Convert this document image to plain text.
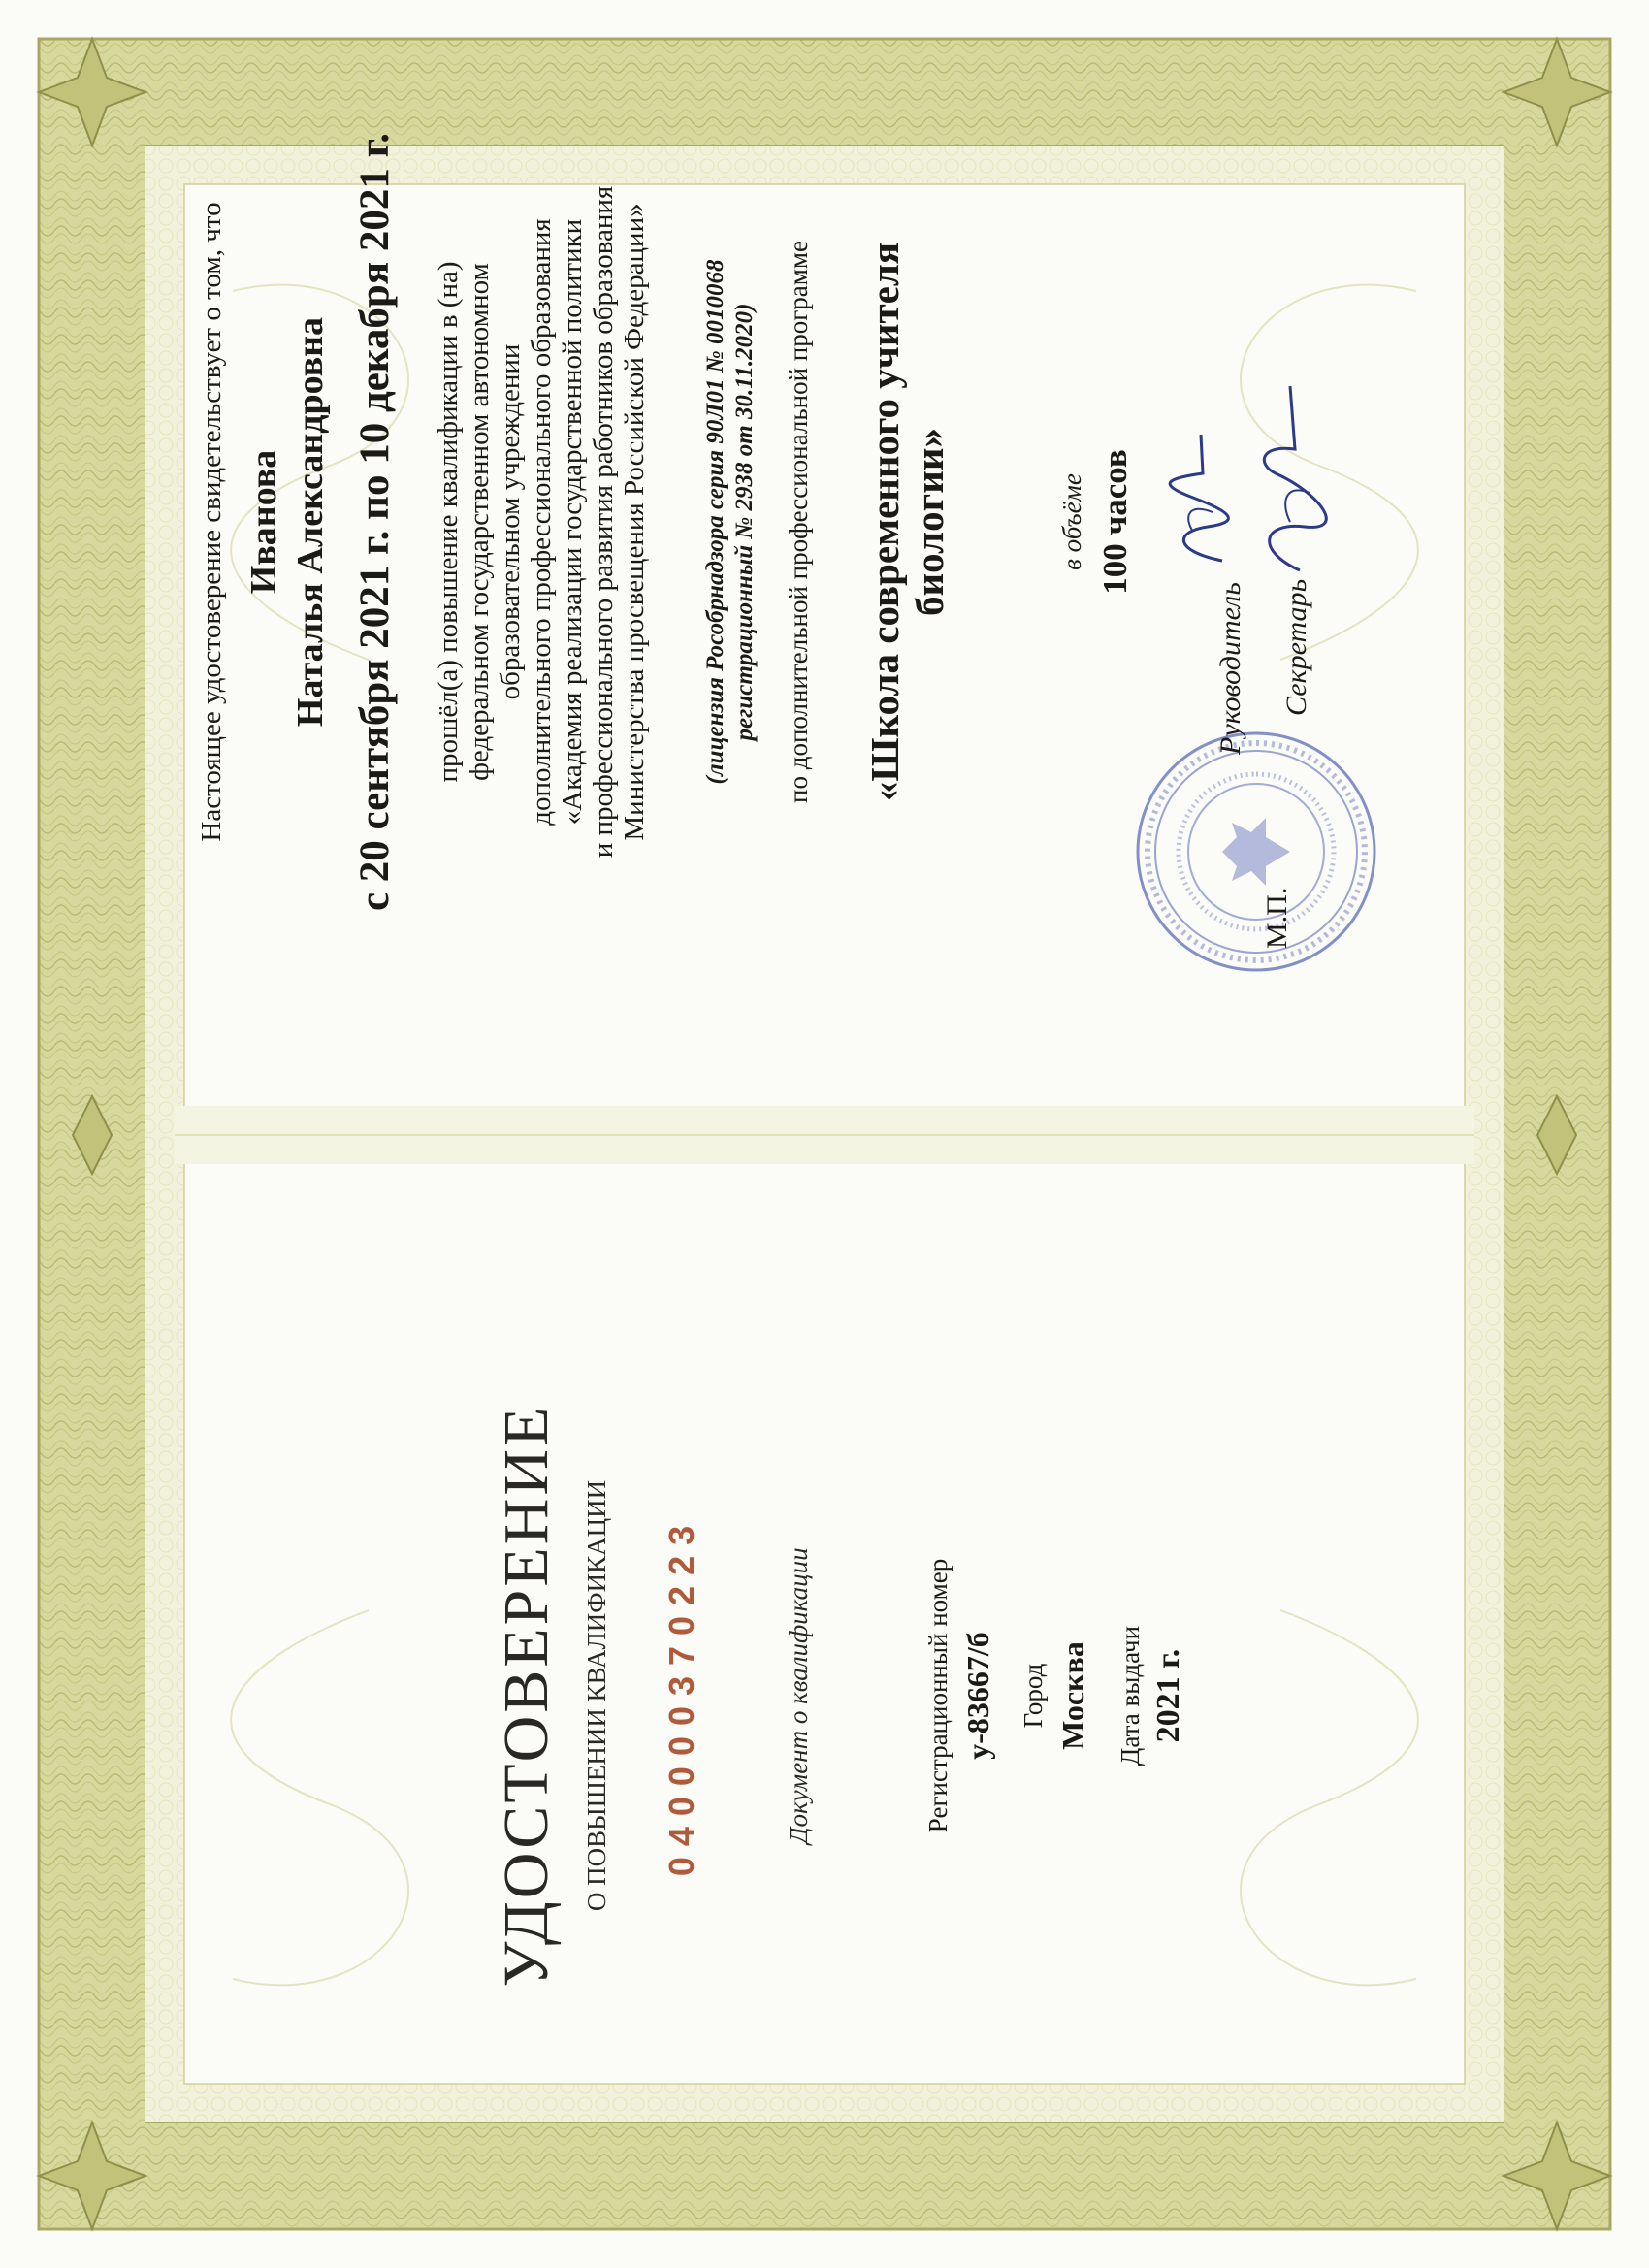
УДОСТОВЕРЕНИЕ О ПОВЫШЕНИИ КВАЛИФИКАЦИИ 040000370223	Документ о квалификации	Регистрационный номер у-83667/б Город Москва Дата выдачи 2021 г.
Настоящее удостоверение свидетельствует о том, что Иванова Наталья Александровна с 20 сентября 2021 г. по 10 декабря 2021 г. прошёл(а) повышение квалификации в (на) федеральном государственном автономном образовательном учреждении дополнительного профессионального образования «Академия реализации государственной политики и профессионального развития работников образования Министерства просвещения Российской Федерации» (лицензия Рособрнадзора серия 90Л01 № 0010068 регистрационный № 2938 от 30.11.2020) по дополнительной профессиональной программе «Школа современного учителя биологии»	в объёме 100 часов
М.П.
Руководитель Секретарь
